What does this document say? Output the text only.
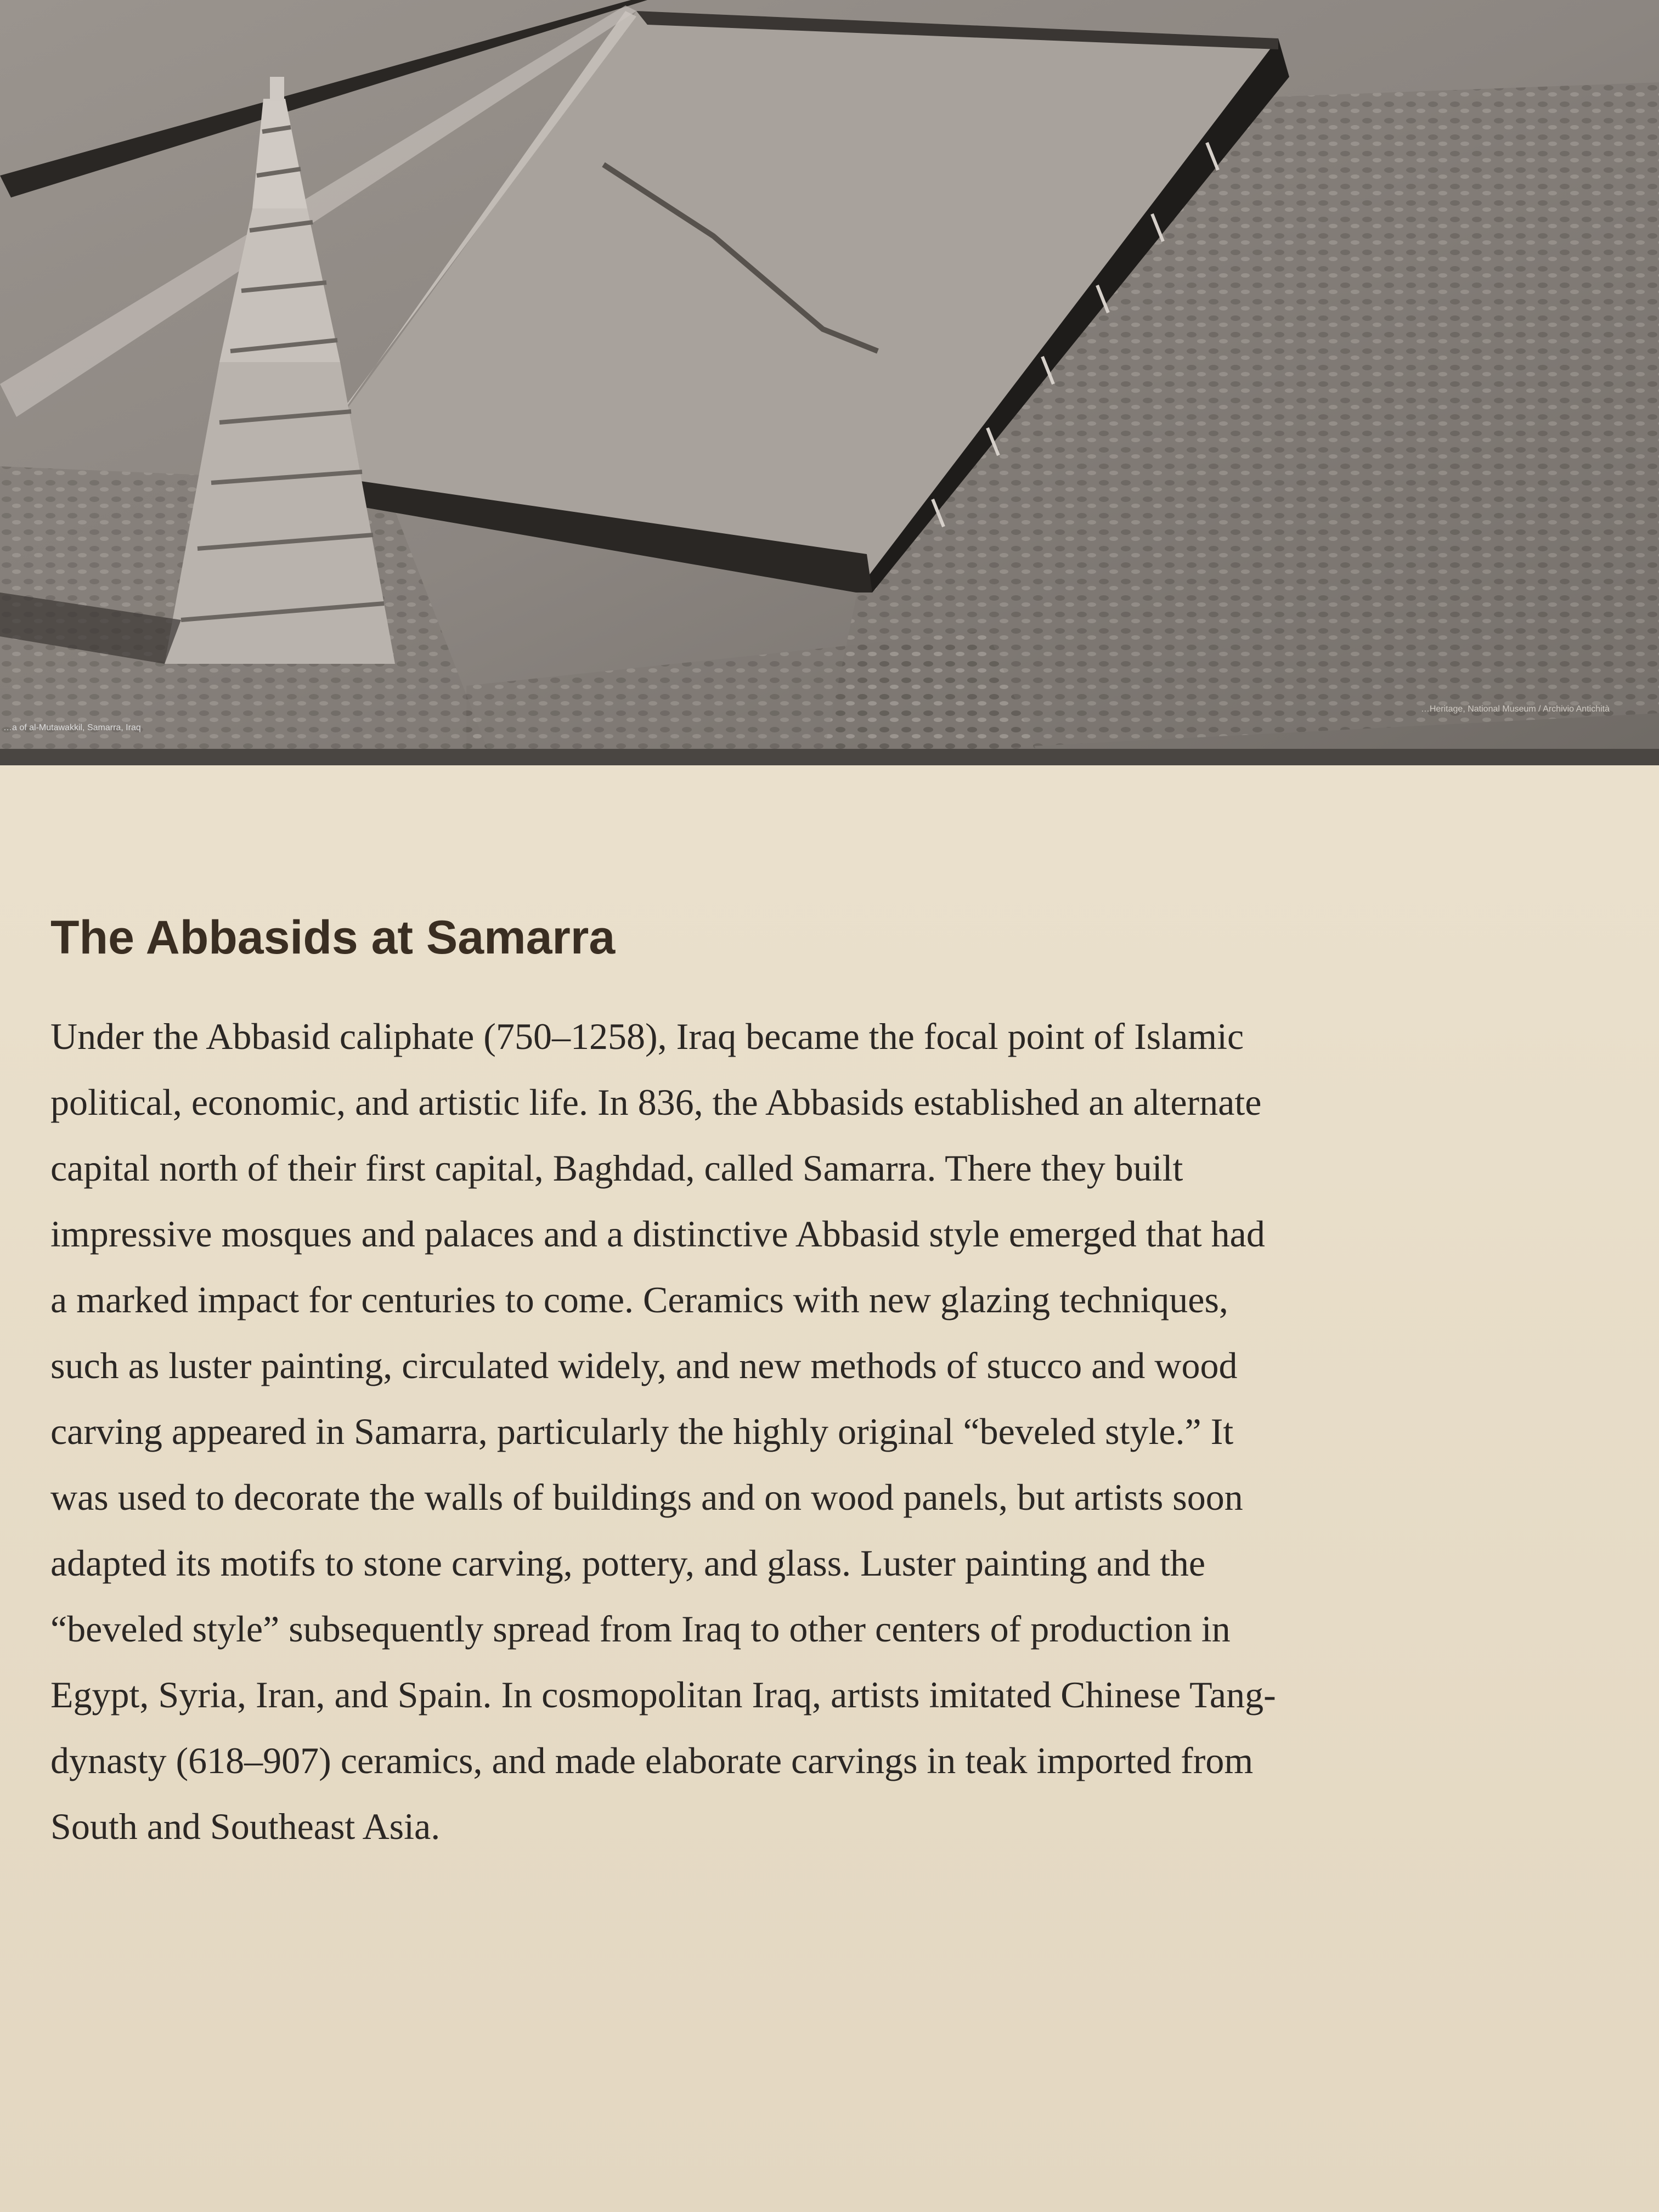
…a of al-Mutawakkil, Samarra, Iraq
…Heritage, National Museum / Archivio Antichità
The Abbasids at Samarra
Under the Abbasid caliphate (750–1258), Iraq became the focal point of Islamic
political, economic, and artistic life. In 836, the Abbasids established an alternate
capital north of their first capital, Baghdad, called Samarra. There they built
impressive mosques and palaces and a distinctive Abbasid style emerged that had
a marked impact for centuries to come. Ceramics with new glazing techniques,
such as luster painting, circulated widely, and new methods of stucco and wood
carving appeared in Samarra, particularly the highly original “beveled style.” It
was used to decorate the walls of buildings and on wood panels, but artists soon
adapted its motifs to stone carving, pottery, and glass. Luster painting and the
“beveled style” subsequently spread from Iraq to other centers of production in
Egypt, Syria, Iran, and Spain. In cosmopolitan Iraq, artists imitated Chinese Tang-
dynasty (618–907) ceramics, and made elaborate carvings in teak imported from
South and Southeast Asia.
